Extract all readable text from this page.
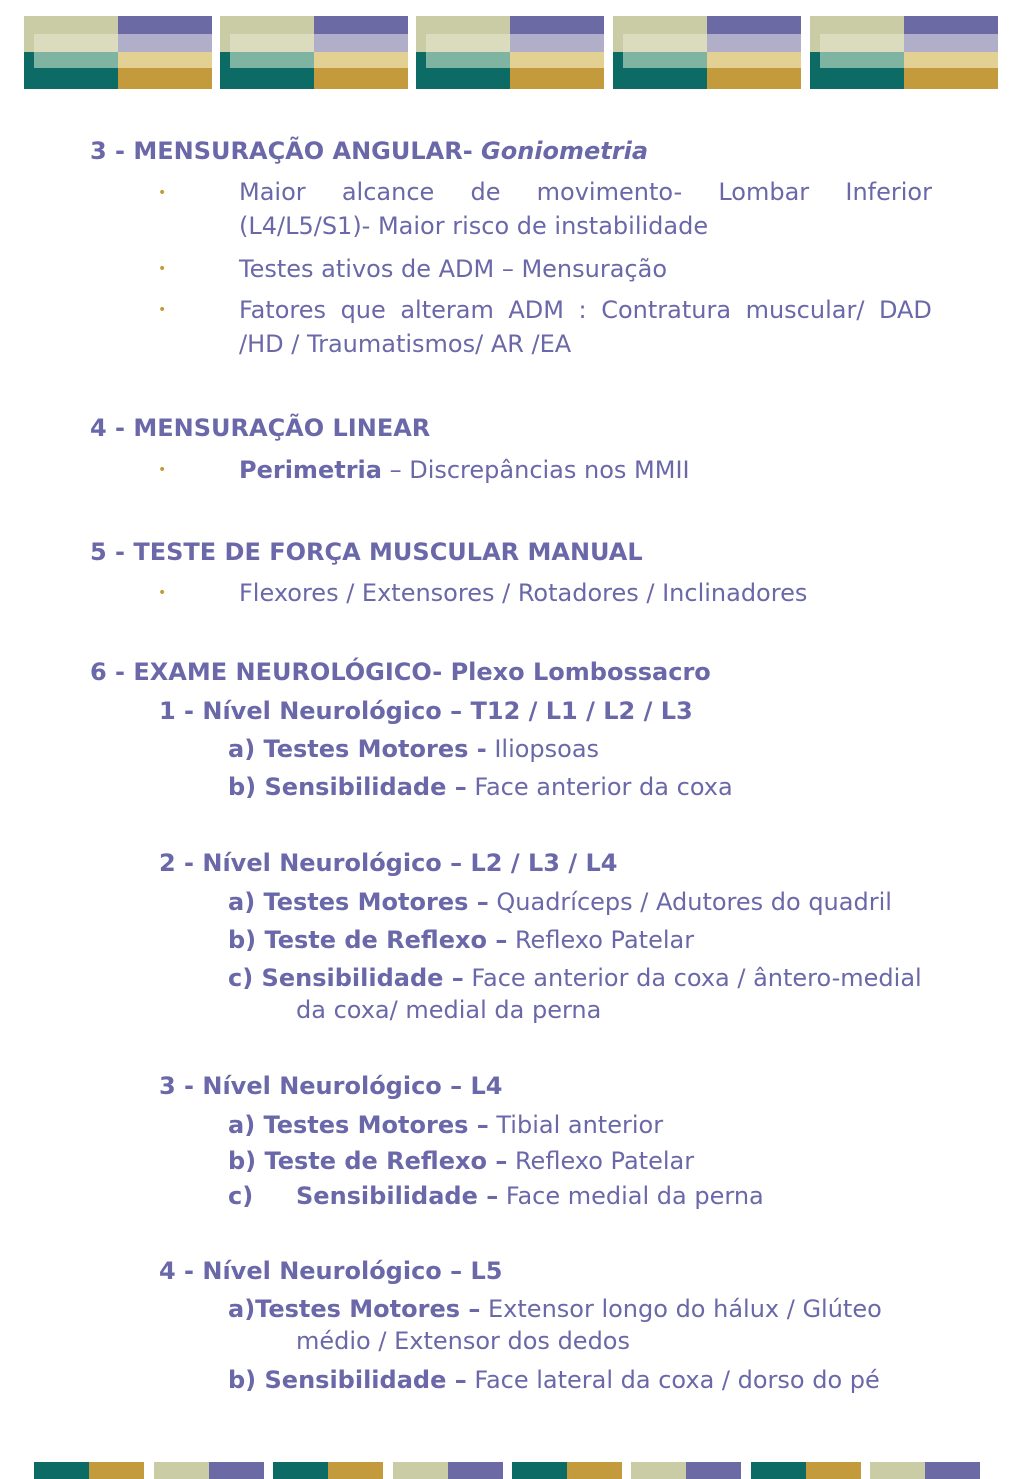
3 - MENSURAÇÃO ANGULAR- Goniometria
•	Maior alcance de movimento- Lombar Inferior
(L4/L5/S1)- Maior risco de instabilidade
•	Testes ativos de ADM – Mensuração
•	Fatores que alteram ADM : Contratura muscular/ DAD
/HD / Traumatismos/ AR /EA
4 - MENSURAÇÃO LINEAR
•	Perimetria – Discrepâncias nos MMII
5 - TESTE DE FORÇA MUSCULAR MANUAL
•	Flexores / Extensores / Rotadores / Inclinadores
6 - EXAME NEUROLÓGICO- Plexo Lombossacro
1 - Nível Neurológico – T12 / L1 / L2 / L3
a) Testes Motores - Iliopsoas
b) Sensibilidade – Face anterior da coxa
2 - Nível Neurológico – L2 / L3 / L4
a) Testes Motores – Quadríceps / Adutores do quadril
b) Teste de Reflexo – Reflexo Patelar
c) Sensibilidade – Face anterior da coxa / ântero-medial
da coxa/ medial da perna
3 - Nível Neurológico – L4
a) Testes Motores – Tibial anterior
b) Teste de Reflexo – Reflexo Patelar
c) Sensibilidade – Face medial da perna
4 - Nível Neurológico – L5
a)Testes Motores – Extensor longo do hálux / Glúteo
médio / Extensor dos dedos
b) Sensibilidade – Face lateral da coxa / dorso do pé
